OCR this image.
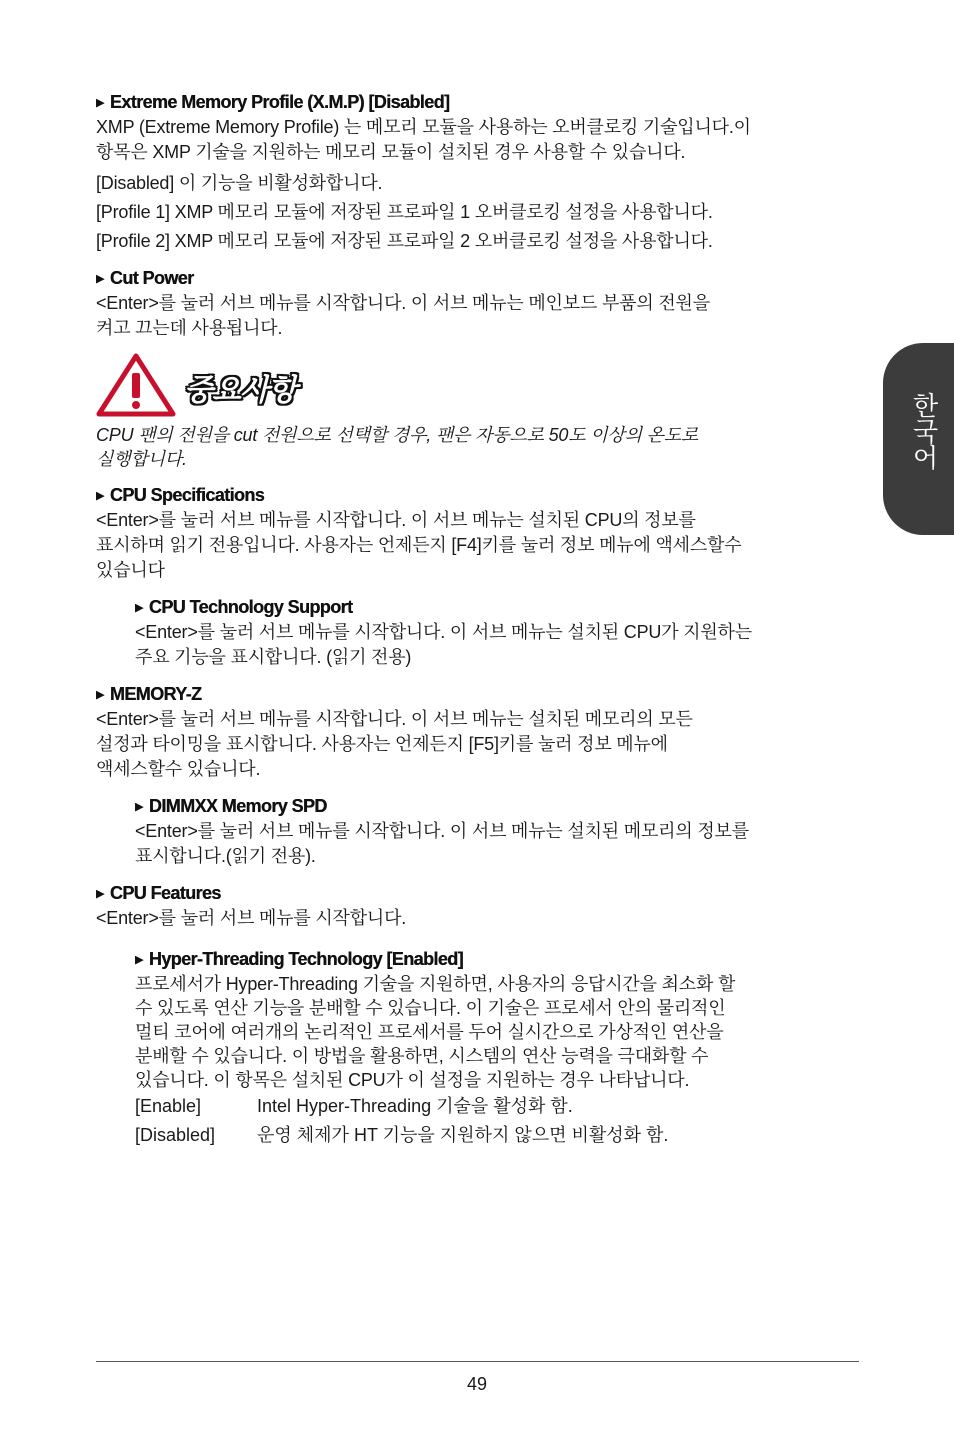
한국어
▶ Extreme Memory Profile (X.M.P) [Disabled]
XMP (Extreme Memory Profile) 는 메모리 모듈을 사용하는 오버클로킹 기술입니다.이
항목은 XMP 기술을 지원하는 메모리 모듈이 설치된 경우 사용할 수 있습니다.
[Disabled] 이 기능을 비활성화합니다.
[Profile 1] XMP 메모리 모듈에 저장된 프로파일 1 오버클로킹 설정을 사용합니다.
[Profile 2] XMP 메모리 모듈에 저장된 프로파일 2 오버클로킹 설정을 사용합니다.
▶ Cut Power
<Enter>를 눌러 서브 메뉴를 시작합니다. 이 서브 메뉴는 메인보드 부품의 전원을
켜고 끄는데 사용됩니다.
중요사항
CPU 팬의 전원을 cut 전원으로 선택할 경우, 팬은 자동으로 50도 이상의 온도로
실행합니다.
▶ CPU Specifications
<Enter>를 눌러 서브 메뉴를 시작합니다. 이 서브 메뉴는 설치된 CPU의 정보를
표시하며 읽기 전용입니다. 사용자는 언제든지 [F4]키를 눌러 정보 메뉴에 액세스할수
있습니다
▶ CPU Technology Support
<Enter>를 눌러 서브 메뉴를 시작합니다. 이 서브 메뉴는 설치된 CPU가 지원하는
주요 기능을 표시합니다. (읽기 전용)
▶ MEMORY-Z
<Enter>를 눌러 서브 메뉴를 시작합니다. 이 서브 메뉴는 설치된 메모리의 모든
설정과 타이밍을 표시합니다. 사용자는 언제든지 [F5]키를 눌러 정보 메뉴에
액세스할수 있습니다.
▶ DIMMXX Memory SPD
<Enter>를 눌러 서브 메뉴를 시작합니다. 이 서브 메뉴는 설치된 메모리의 정보를
표시합니다.(읽기 전용).
▶ CPU Features
<Enter>를 눌러 서브 메뉴를 시작합니다.
▶ Hyper-Threading Technology [Enabled]
프로세서가 Hyper-Threading 기술을 지원하면, 사용자의 응답시간을 최소화 할
수 있도록 연산 기능을 분배할 수 있습니다. 이 기술은 프로세서 안의 물리적인
멀티 코어에 여러개의 논리적인 프로세서를 두어 실시간으로 가상적인 연산을
분배할 수 있습니다. 이 방법을 활용하면, 시스템의 연산 능력을 극대화할 수
있습니다. 이 항목은 설치된 CPU가 이 설정을 지원하는 경우 나타납니다.
[Enable]	Intel Hyper-Threading 기술을 활성화 함.
[Disabled]	운영 체제가 HT 기능을 지원하지 않으면 비활성화 함.
49
